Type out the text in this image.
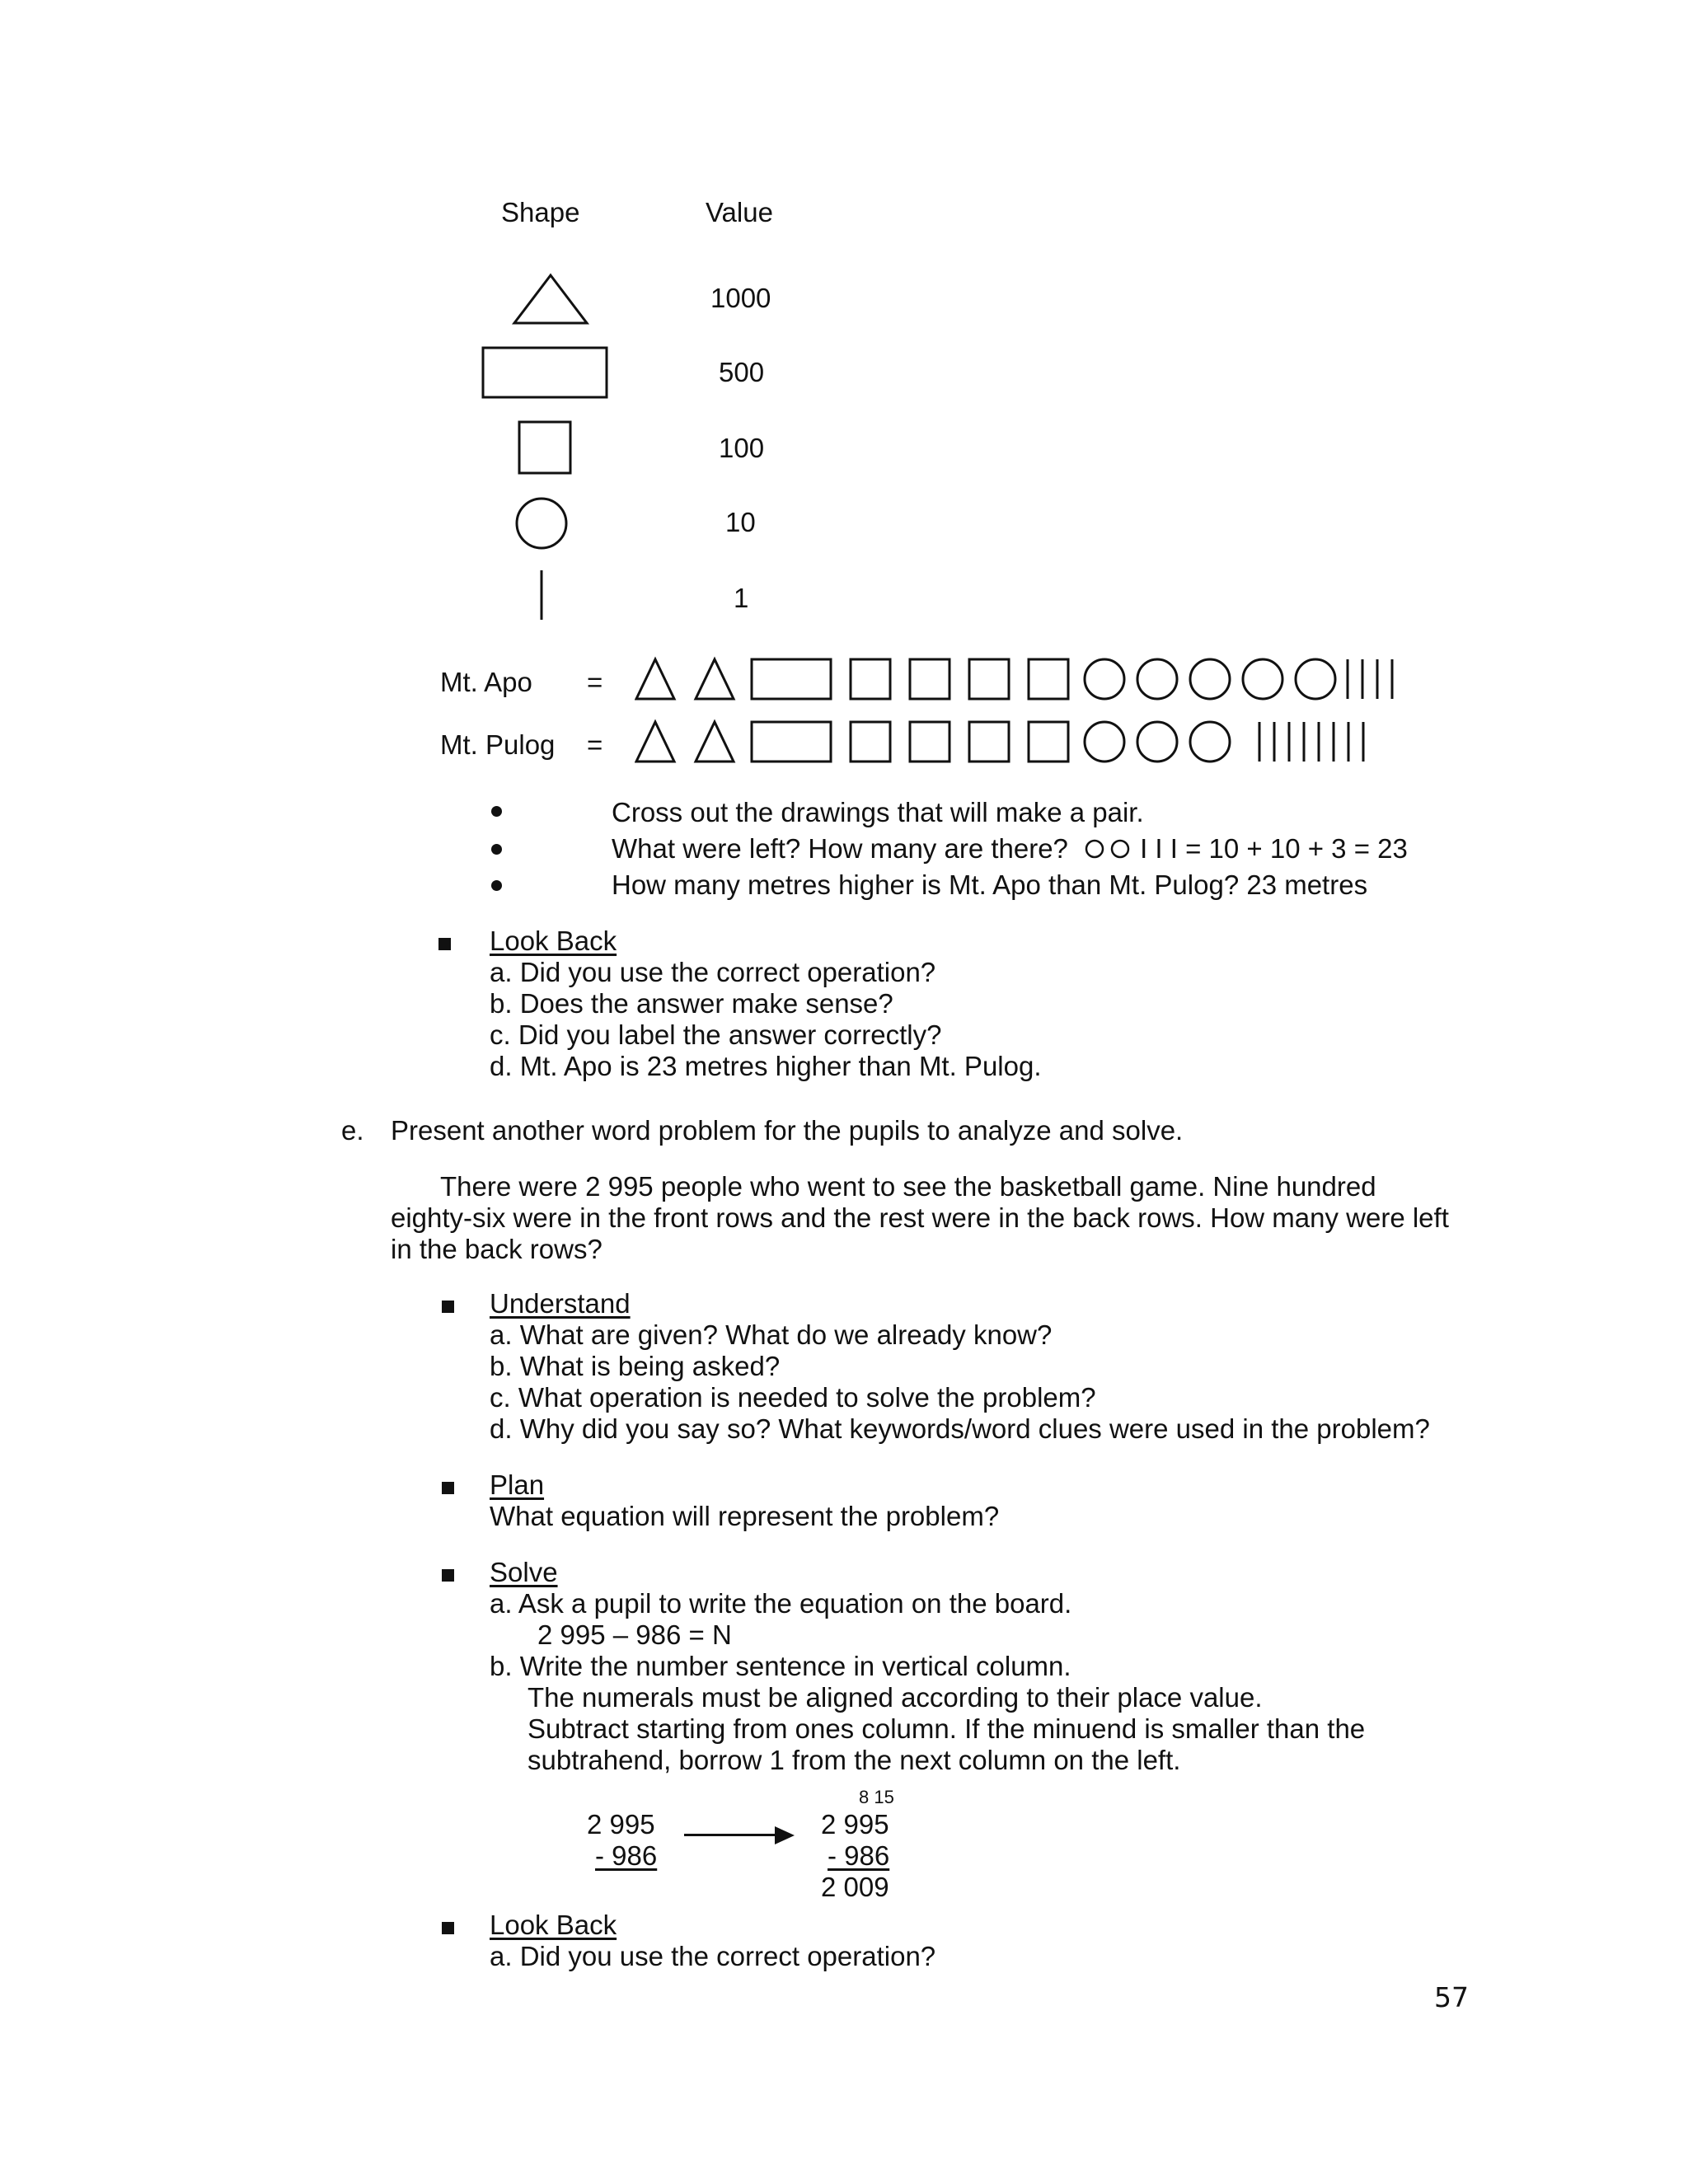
Shape	Value
1000
500
100
10
1
Mt. Apo =
Mt. Pulog =
Cross out the drawings that will make a pair.
What were left? How many are there?	I I I = 10 + 10 + 3 = 23
How many metres higher is Mt. Apo than Mt. Pulog? 23 metres
Look Back
a. Did you use the correct operation?
b. Does the answer make sense?
c. Did you label the answer correctly?
d. Mt. Apo is 23 metres higher than Mt. Pulog.
e. Present another word problem for the pupils to analyze and solve.
There were 2 995 people who went to see the basketball game. Nine hundred
eighty-six were in the front rows and the rest were in the back rows. How many were left
in the back rows?
Understand
a. What are given? What do we already know?
b. What is being asked?
c. What operation is needed to solve the problem?
d. Why did you say so? What keywords/word clues were used in the problem?
Plan
What equation will represent the problem?
Solve
a. Ask a pupil to write the equation on the board.
2 995 – 986 = N
b. Write the number sentence in vertical column.
The numerals must be aligned according to their place value.
Subtract starting from ones column. If the minuend is smaller than the
subtrahend, borrow 1 from the next column on the left.
2 995
- 986
8 15
2 995
- 986
2 009
Look Back
a. Did you use the correct operation?
57
